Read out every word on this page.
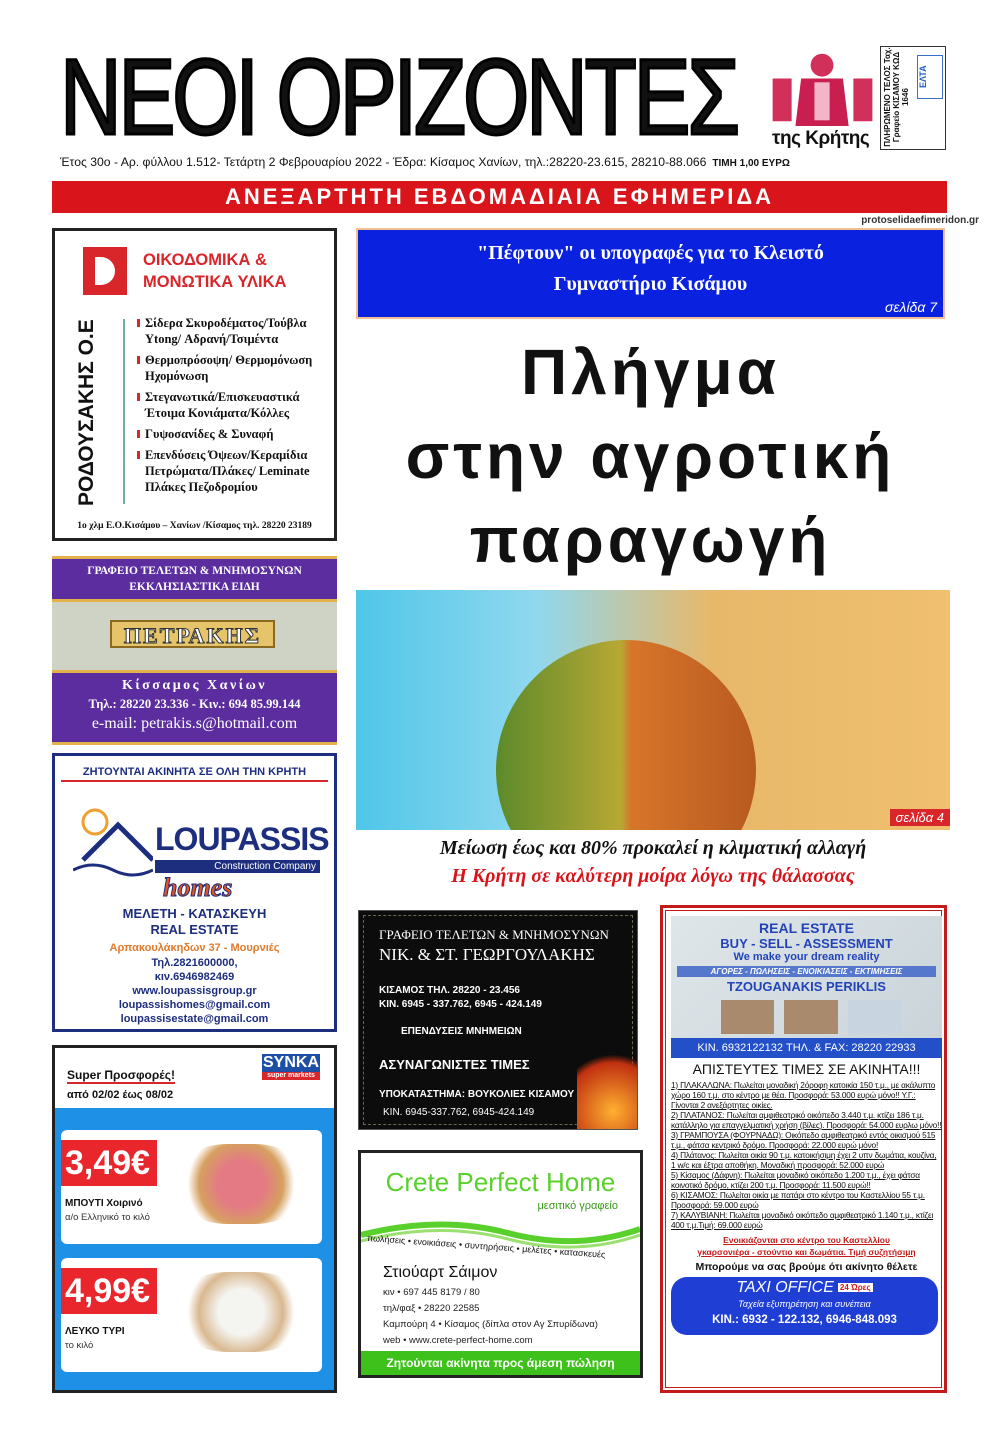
ΝΕΟΙ ΟΡΙΖΟΝΤΕΣ της Κρήτης ΠΛΗΡΩΜΕΝΟ ΤΕΛΟΣ Ταχ. Γραφείο ΚΙΣΑΜΟΥ ΚΩΔ 1646
ΕΛΤΑ
Έτος 30ο - Αρ. φύλλου 1.512- Τετάρτη 2 Φεβρουαρίου 2022 - Έδρα: Κίσαμος Χανίων, τηλ.:28220-23.615, 28210-88.066 ΤΙΜΗ 1,00 ΕΥΡΩ
ΑΝΕΞΑΡΤΗΤΗ ΕΒΔΟΜΑΔΙΑΙΑ ΕΦΗΜΕΡΙΔΑ
protoselidaefimeridon.gr
ΟΙΚΟΔΟΜΙΚΑ &
ΜΟΝΩΤΙΚΑ ΥΛΙΚΑ
ΡΟΔΟΥΣΑΚΗΣ Ο.Ε	Σίδερα Σκυροδέματος/Τούβλα Ytong/ Αδρανή/Τσιμέντα
Θερμοπρόσοψη/ Θερμομόνωση Ηχομόνωση
Στεγανωτικά/Επισκευαστικά Έτοιμα Κονιάματα/Κόλλες
Γυψοσανίδες & Συναφή
Επενδύσεις Όψεων/Κεραμίδια Πετρώματα/Πλάκες/ Leminate Πλάκες Πεζοδρομίου
1ο χλμ Ε.Ο.Κισάμου – Χανίων /Κίσαμος τηλ. 28220 23189
ΓΡΑΦΕΙΟ ΤΕΛΕΤΩΝ & ΜΝΗΜΟΣΥΝΩΝ
ΕΚΚΛΗΣΙΑΣΤΙΚΑ ΕΙΔΗ
ΠΕΤΡΑΚΗΣ
Κίσσαμος Χανίων
Τηλ.: 28220 23.336 - Κιν.: 694 85.99.144
e-mail: petrakis.s@hotmail.com
ΖΗΤΟΥΝΤΑΙ ΑΚΙΝΗΤΑ ΣΕ ΟΛΗ ΤΗΝ ΚΡΗΤΗ
LOUPASSIS
Construction Company
homes
ΜΕΛΕΤΗ - ΚΑΤΑΣΚΕΥΗ
REAL ESTATE
Αρπακουλάκηδων 37 - Μουρνιές
Τηλ.2821600000,
κιν.6946982469
www.loupassisgroup.gr
loupassishomes@gmail.com
loupassisestate@gmail.com
Super Προσφορές!
από 02/02 έως 08/02
SYNKA
super markets
3,49€
ΜΠΟΥΤΙ Χοιρινό
α/ο Ελληνικό το κιλό
4,99€
ΛΕΥΚΟ ΤΥΡΙ
το κιλό
"Πέφτουν" οι υπογραφές για το Κλειστό
Γυμναστήριο Κισάμου
σελίδα 7
Πλήγμα
στην αγροτική
παραγωγή
σελίδα 4
Μείωση έως και 80% προκαλεί η κλιματική αλλαγή
Η Κρήτη σε καλύτερη μοίρα λόγω της θάλασσας
ΓΡΑΦΕΙΟ ΤΕΛΕΤΩΝ & ΜΝΗΜΟΣΥΝΩΝ
ΝΙΚ. & ΣΤ. ΓΕΩΡΓΟΥΛΑΚΗΣ
ΚΙΣΑΜΟΣ ΤΗΛ. 28220 - 23.456
ΚΙΝ. 6945 - 337.762, 6945 - 424.149
ΕΠΕΝΔΥΣΕΙΣ ΜΝΗΜΕΙΩΝ
ΑΣΥΝΑΓΩΝΙΣΤΕΣ ΤΙΜΕΣ
ΥΠΟΚΑΤΑΣΤΗΜΑ: ΒΟΥΚΟΛΙΕΣ ΚΙΣΑΜΟΥ
ΚΙΝ. 6945-337.762, 6945-424.149
Crete Perfect Home
μεσιτικό γραφείο
πωλήσεις • ενοικιάσεις • συντηρήσεις • μελέτες • κατασκευές
Στιούαρτ Σάιμον
κιν • 697 445 8179 / 80
τηλ/φαξ • 28220 22585
Καμπούρη 4 • Κίσαμος (δίπλα στον Αγ Σπυρίδωνα)
web • www.crete-perfect-home.com
Ζητούνται ακίνητα προς άμεση πώληση
REAL ESTATE
BUY - SELL - ASSESSMENT
We make your dream reality
ΑΓΟΡΕΣ - ΠΩΛΗΣΕΙΣ - ΕΝΟΙΚΙΑΣΕΙΣ - ΕΚΤΙΜΗΣΕΙΣ
TZOUGANAKIS PERIKLIS
KIN. 6932122132 ΤΗΛ. & FAX: 28220 22933
ΑΠΙΣΤΕΥΤΕΣ ΤΙΜΕΣ ΣΕ ΑΚΙΝΗΤΑ!!!
1) ΠΛΑΚΑΛΩΝΑ: Πωλείται μοναδική 2όροφη κατοικία 150 τ.μ., με ακάλυπτο χώρο 160 τ.μ. στο κέντρο με θέα. Προσφορά: 53.000 ευρώ μόνο!! Υ.Γ.: Γίνονται 2 ανεξάρτητες οικίες.
2) ΠΛΑΤΑΝΟΣ: Πωλείται αμφιθεατρικό οικόπεδο 3.440 τ.μ. κτίζει 186 τ.μ. κατάλληλο για επαγγελματική χρήση (βίλες). Προσφορά: 54.000 ευρλω μόνο!!
3) ΓΡΑΜΠΟΥΣΑ (ΦΟΥΡΝΑΔΩ): Οικόπεδο αμφιθεατρικό εντός οικισμού 515 τ.μ., φάτσα κεντρικό δρόμο. Προσφορά: 22.000 ευρώ μόνο!
4) Πλάτανος: Πωλείται οικία 90 τ.μ. κατοικήσιμη έχει 2 υπν δωμάτια, κουζίνα, 1 w/c και έξτρα αποθήκη. Μοναδική προσφορά: 52.000 ευρώ
5) Κίσαμος (Δάφνη): Πωλείται μοναδικό οικόπεδο 1.200 τ.μ., έχει φάτσα κοινοτικό δρόμο, κτίζει 200 τ.μ. Προσφορά: 11.500 ευρώ!!
6) ΚΙΣΑΜΟΣ: Πωλείται οικία με πατάρι στο κέντρο του Καστελλίου 55 τ.μ. Προσφορά: 59.000 ευρώ
7) ΚΑΛΥΒΙΑΝΗ: Πωλείται μοναδικό οικόπεδο αμφιθεατρικό 1.140 τ.μ., κτίζει 400 τ.μ.Τιμή: 69.000 ευρώ
Ενοικιάζονται στο κέντρο του Καστελλίου
γκαρσονιέρα - στούντιο και δωμάτια. Τιμή συζητήσιμη
Μπορούμε να σας βρούμε ότι ακίνητο θέλετε
TAXI OFFICE 24 Ώρες
Ταχεία εξυπηρέτηση και συνέπεια
KIN.: 6932 - 122.132, 6946-848.093
